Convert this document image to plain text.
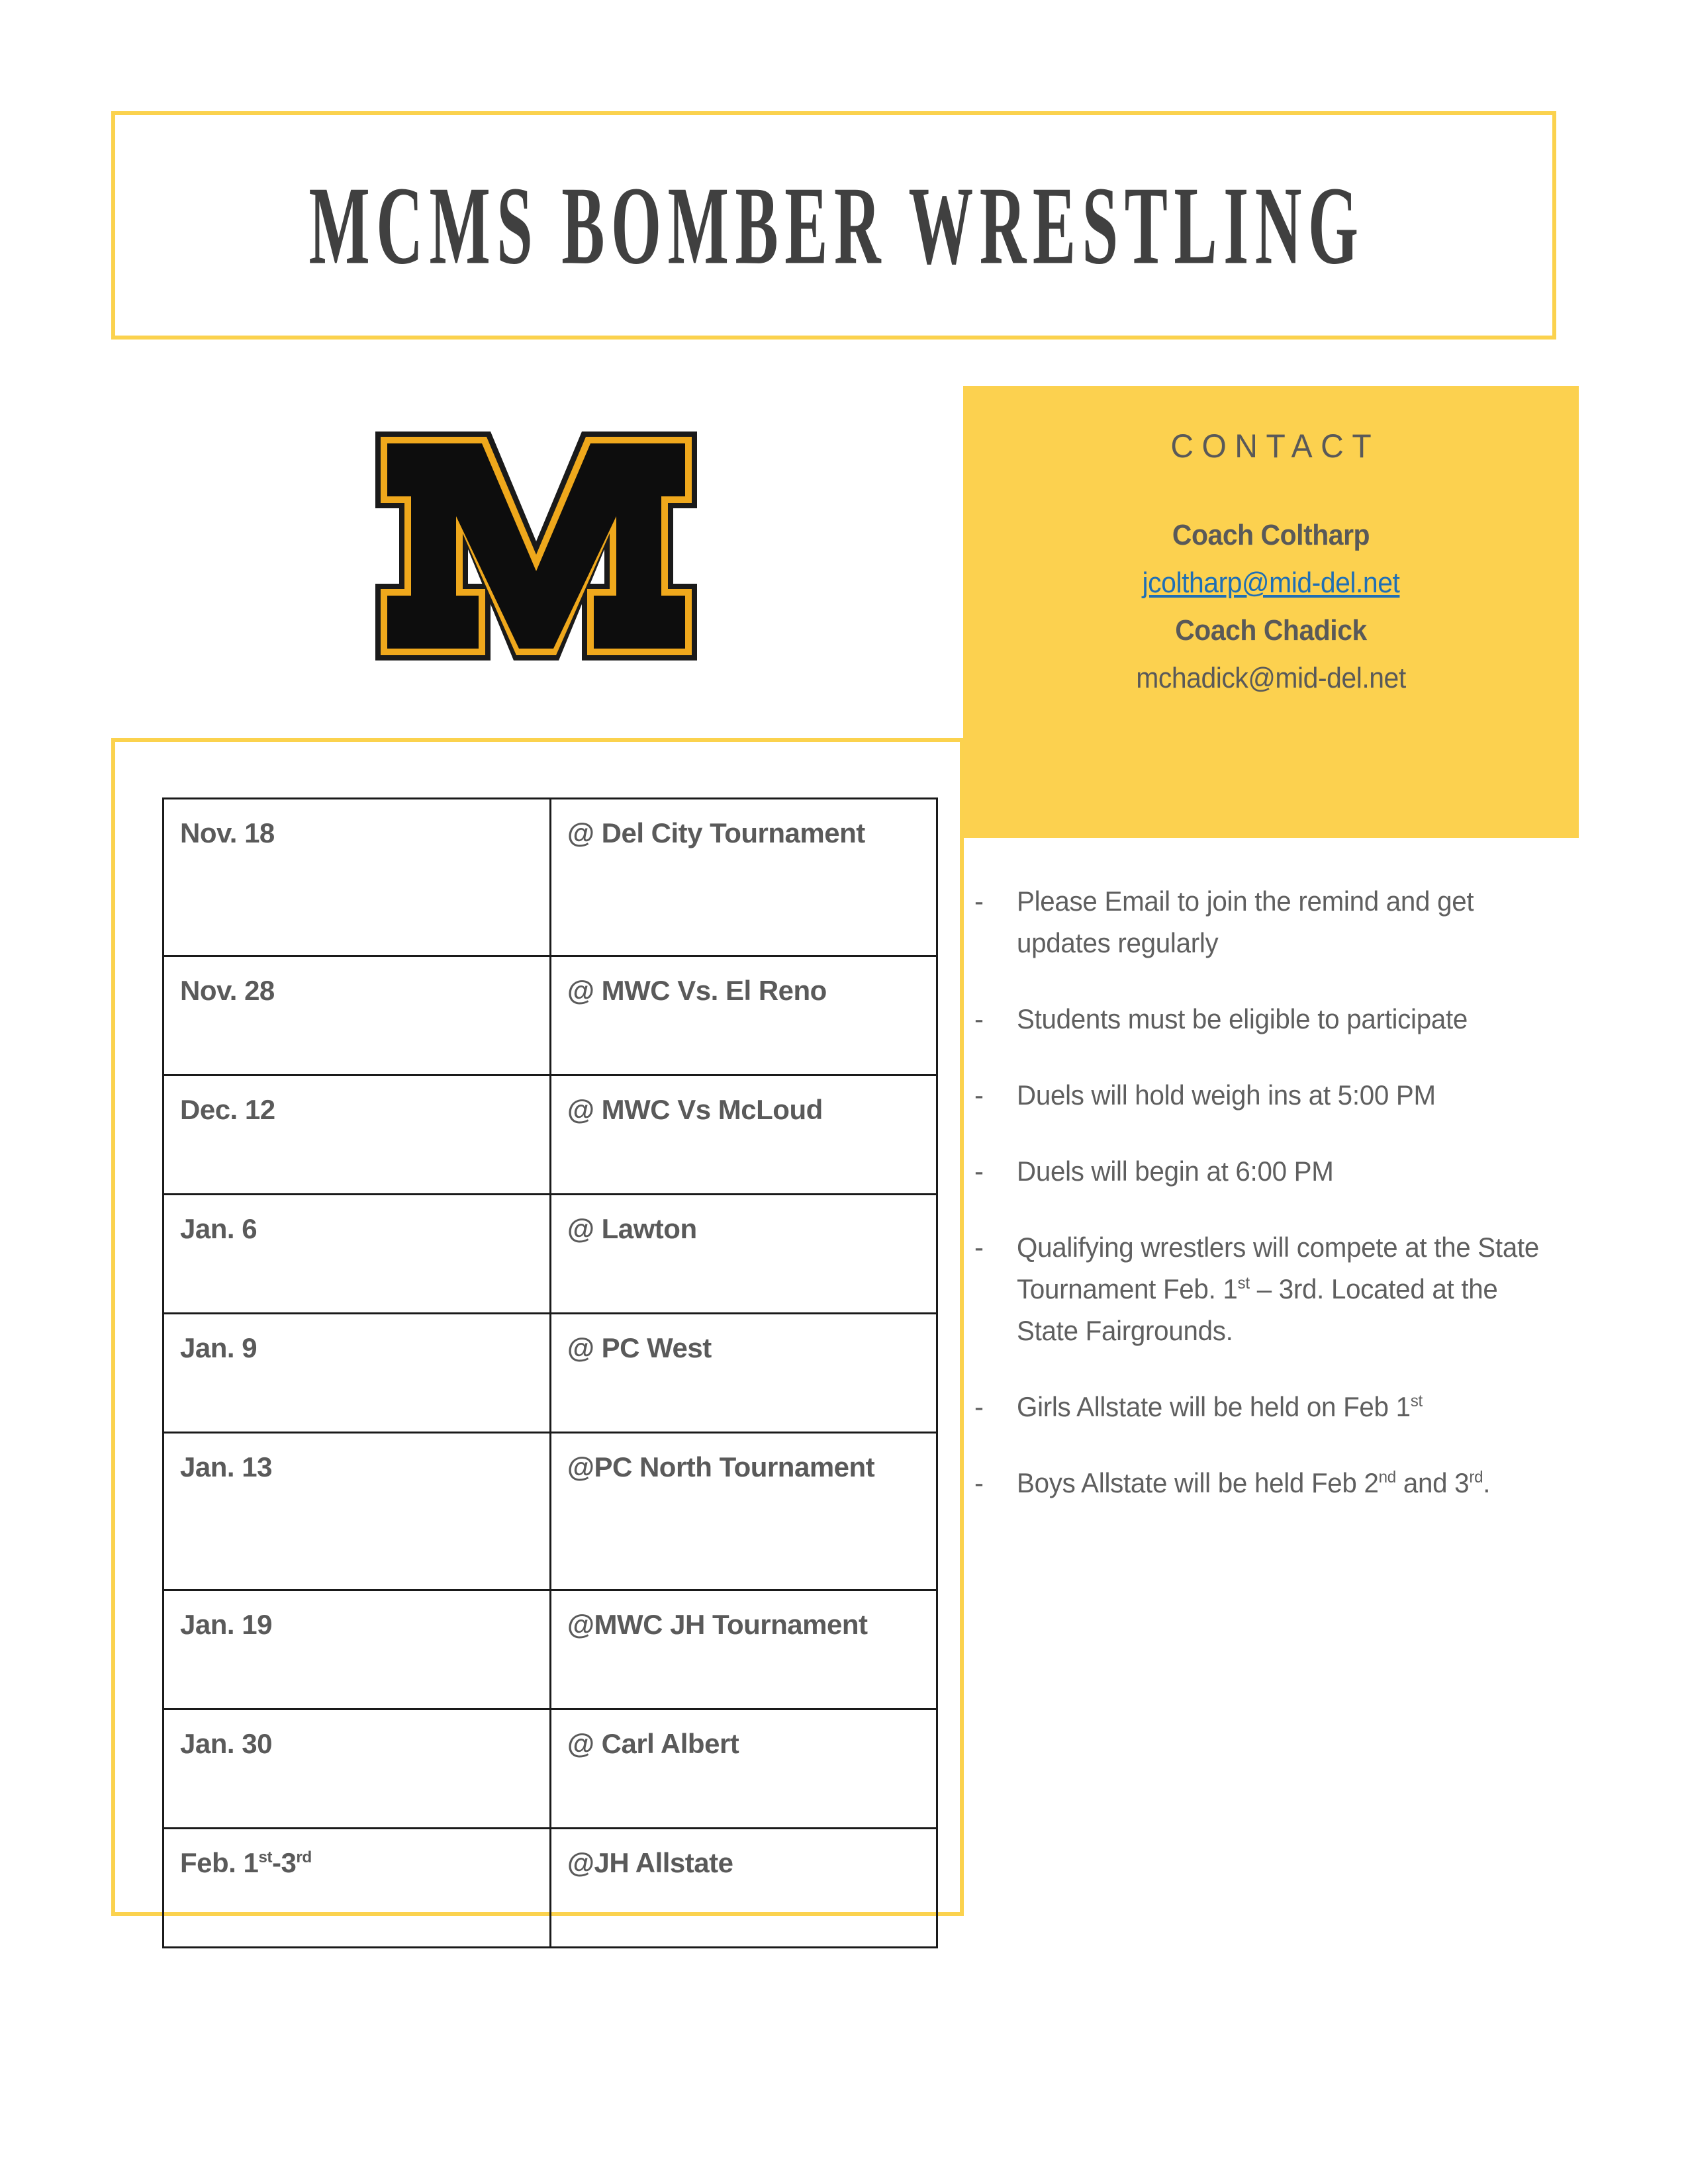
MCMS BOMBER WRESTLING
CONTACT
Coach Coltharp
jcoltharp@mid-del.net
Coach Chadick
mchadick@mid-del.net
Nov. 18	@ Del City Tournament
Nov. 28	@ MWC Vs. El Reno
Dec. 12	@ MWC Vs McLoud
Jan. 6	@ Lawton
Jan. 9	@ PC West
Jan. 13	@PC North Tournament
Jan. 19	@MWC JH Tournament
Jan. 30	@ Carl Albert
Feb. 1st-3rd	@JH Allstate
-	Please Email to join the remind and get updates regularly
-	Students must be eligible to participate
-	Duels will hold weigh ins at 5:00 PM
-	Duels will begin at 6:00 PM
-	Qualifying wrestlers will compete at the State Tournament Feb. 1st – 3rd. Located at the State Fairgrounds.
-	Girls Allstate will be held on Feb 1st
-	Boys Allstate will be held Feb 2nd and 3rd.
